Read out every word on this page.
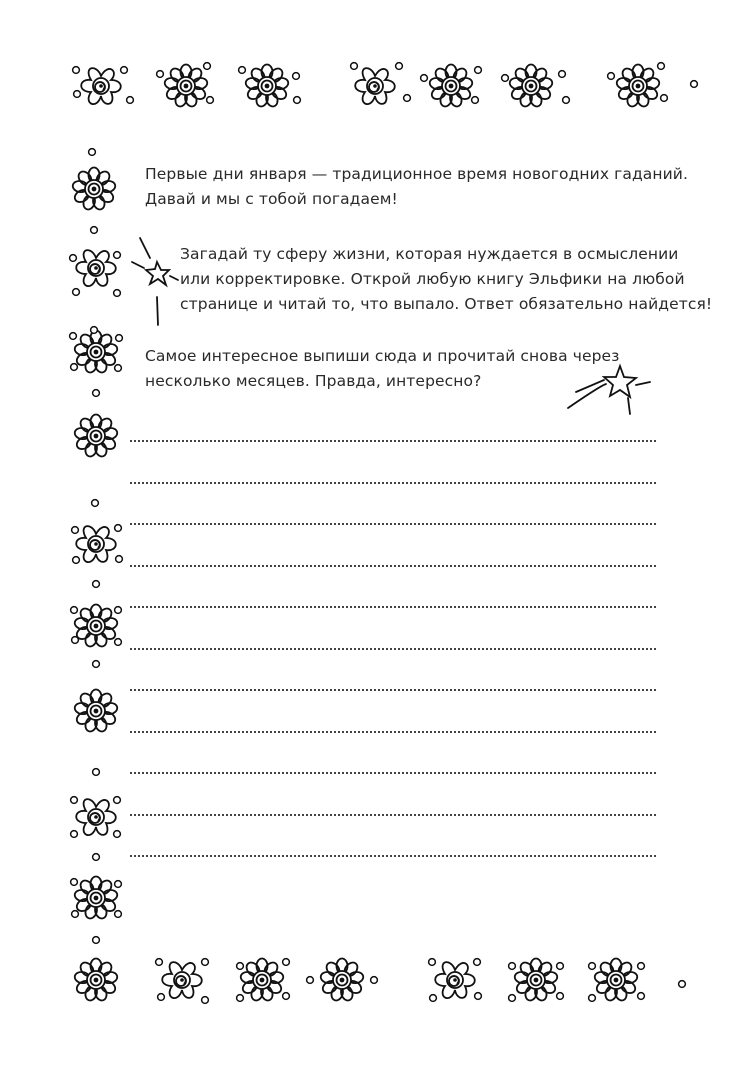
Первые дни января — традиционное время новогодних гаданий.
Давай и мы с тобой погадаем!

Загадай ту сферу жизни, которая нуждается в осмыслении
или корректировке. Открой любую книгу Эльфики на любой
странице и читай то, что выпало. Ответ обязательно найдется!

Самое интересное выпиши сюда и прочитай снова через
несколько месяцев. Правда, интересно?
